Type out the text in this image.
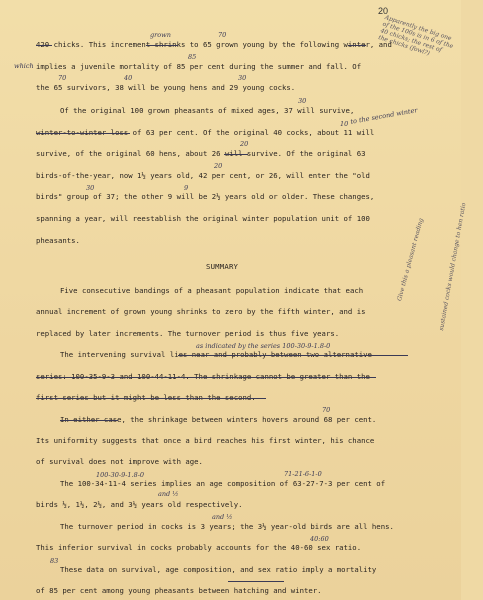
20
Apparently the big one of the 100s is in 6 of the 40 chicks; the rest of the chicks (fowl?)
Give this a pleasant reading	sustained cocks would change to hen ratio
420 chicks. This increment shrinks to 65 grown young by the following winter, and
implies a juvenile mortality of 85 per cent during the summer and fall. Of
the 65 survivors, 38 will be young hens and 29 young cocks.
Of the original 100 grown pheasants of mixed ages, 37 will survive,
winter-to-winter loss of 63 per cent. Of the original 40 cocks, about 11 will
survive, of the original 60 hens, about 26 will survive. Of the original 63
birds-of-the-year, now 1½ years old, 42 per cent, or 26, will enter the "old
birds" group of 37; the other 9 will be 2½ years old or older. These changes,
spanning a year, will reestablish the original winter population unit of 100
pheasants.
SUMMARY
Five consecutive bandings of a pheasant population indicate that each
annual increment of grown young shrinks to zero by the fifth winter, and is
replaced by later increments. The turnover period is thus five years.
The intervening survival lies near and probably between two alternative
series: 100-35-9-3 and 100-44-11-4. The shrinkage cannot be greater than the
first series but it might be less than the second.
In either case, the shrinkage between winters hovers around 68 per cent.
Its uniformity suggests that once a bird reaches his first winter, his chance
of survival does not improve with age.
The 100-34-11-4 series implies an age composition of 63-27-7-3 per cent of
birds ½, 1½, 2½, and 3½ years old respectively.
The turnover period in cocks is 3 years; the 3½ year-old birds are all hens.
This inferior survival in cocks probably accounts for the 40-60 sex ratio.
These data on survival, age composition, and sex ratio imply a mortality
of 85 per cent among young pheasants between hatching and winter.
70
grown
which
85
70	40	30
30
to the second winter
10
20
20
30	9
as indicated by the series 100-30-9-1.8-0
71-21-6-1-0
and ½
70
40:60
83
100-30-9-1.8-0
and ½
